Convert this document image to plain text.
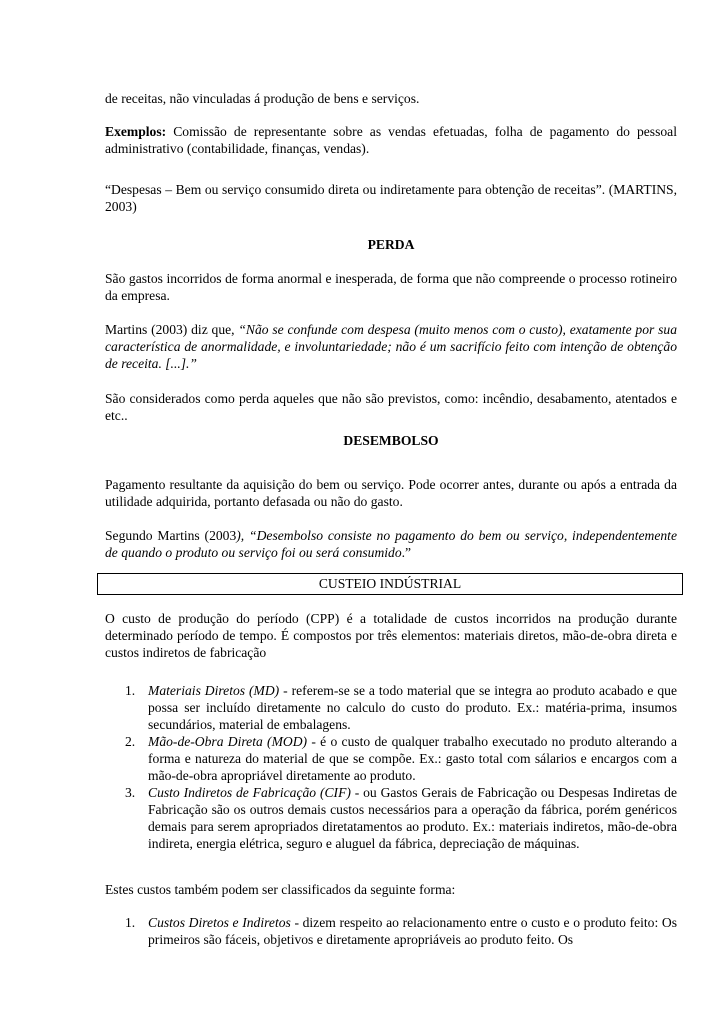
de receitas, não vinculadas á produção de bens e serviços.

Exemplos: Comissão de representante sobre as vendas efetuadas, folha de pagamento do pessoal administrativo (contabilidade, finanças, vendas).

“Despesas – Bem ou serviço consumido direta ou indiretamente para obtenção de receitas”. (MARTINS, 2003)

PERDA

São gastos incorridos de forma anormal e inesperada, de forma que não compreende o processo rotineiro da empresa.

Martins (2003) diz que, “Não se confunde com despesa (muito menos com o custo), exatamente por sua característica de anormalidade, e involuntariedade; não é um sacrifício feito com intenção de obtenção de receita. [...].”

São considerados como perda aqueles que não são previstos, como: incêndio, desabamento, atentados e etc..

DESEMBOLSO

Pagamento resultante da aquisição do bem ou serviço. Pode ocorrer antes, durante ou após a entrada da utilidade adquirida, portanto defasada ou não do gasto.

Segundo Martins (2003), “Desembolso consiste no pagamento do bem ou serviço, independentemente de quando o produto ou serviço foi ou será consumido.”

CUSTEIO INDÚSTRIAL

O custo de produção do período (CPP) é a totalidade de custos incorridos na produção durante determinado período de tempo. É compostos por três elementos: materiais diretos, mão-de-obra direta e custos indiretos de fabricação

1. Materiais Diretos (MD) - referem-se se a todo material que se integra ao produto acabado e que possa ser incluído diretamente no calculo do custo do produto. Ex.: matéria-prima, insumos secundários, material de embalagens.
2. Mão-de-Obra Direta (MOD) - é o custo de qualquer trabalho executado no produto alterando a forma e natureza do material de que se compõe. Ex.: gasto total com sálarios e encargos com a mão-de-obra apropriável diretamente ao produto.
3. Custo Indiretos de Fabricação (CIF) - ou Gastos Gerais de Fabricação ou Despesas Indiretas de Fabricação são os outros demais custos necessários para a operação da fábrica, porém genéricos demais para serem apropriados diretatamentos ao produto. Ex.: materiais indiretos, mão-de-obra indireta, energia elétrica, seguro e aluguel da fábrica, depreciação de máquinas.

Estes custos também podem ser classificados da seguinte forma:

1. Custos Diretos e Indiretos - dizem respeito ao relacionamento entre o custo e o produto feito: Os primeiros são fáceis, objetivos e diretamente apropriáveis ao produto feito. Os
